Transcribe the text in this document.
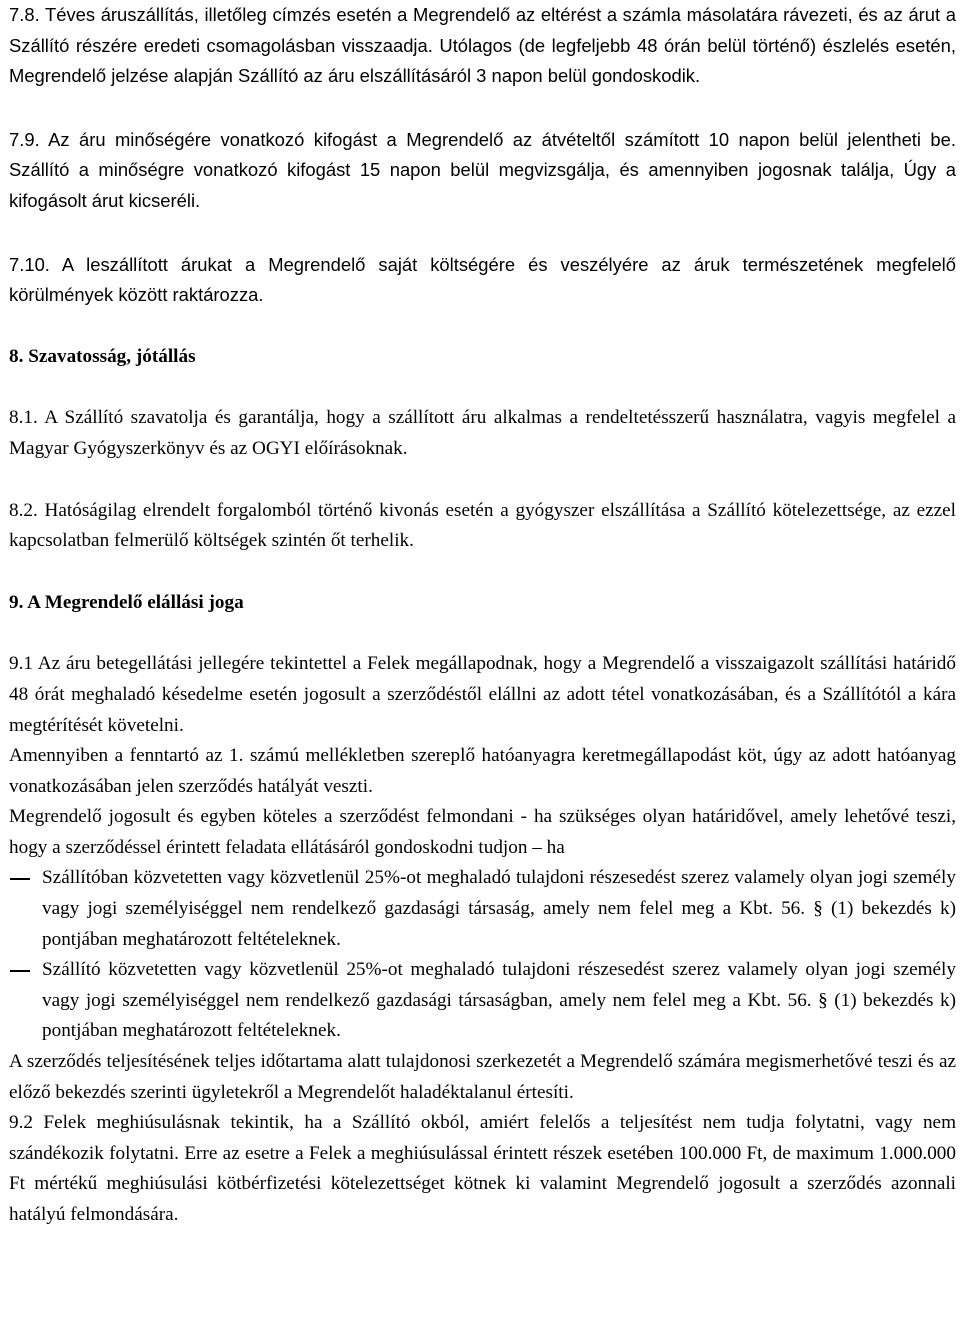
7.8. Téves áruszállítás, illetőleg címzés esetén a Megrendelő az eltérést a számla másolatára rávezeti, és az árut a Szállító részére eredeti csomagolásban visszaadja. Utólagos (de legfeljebb 48 órán belül történő) észlelés esetén, Megrendelő jelzése alapján Szállító az áru elszállításáról 3 napon belül gondoskodik.

7.9. Az áru minőségére vonatkozó kifogást a Megrendelő az átvételtől számított 10 napon belül jelentheti be. Szállító a minőségre vonatkozó kifogást 15 napon belül megvizsgálja, és amennyiben jogosnak találja, Úgy a kifogásolt árut kicseréli.

7.10. A leszállított árukat a Megrendelő saját költségére és veszélyére az áruk természetének megfelelő körülmények között raktározza.

8. Szavatosság, jótállás

8.1. A Szállító szavatolja és garantálja, hogy a szállított áru alkalmas a rendeltetésszerű használatra, vagyis megfelel a Magyar Gyógyszerkönyv és az OGYI előírásoknak.

8.2. Hatóságilag elrendelt forgalomból történő kivonás esetén a gyógyszer elszállítása a Szállító kötelezettsége, az ezzel kapcsolatban felmerülő költségek szintén őt terhelik.

9. A Megrendelő elállási joga

9.1 Az áru betegellátási jellegére tekintettel a Felek megállapodnak, hogy a Megrendelő a visszaigazolt szállítási határidő 48 órát meghaladó késedelme esetén jogosult a szerződéstől elállni az adott tétel vonatkozásában, és a Szállítótól a kára megtérítését követelni.

Amennyiben a fenntartó az 1. számú mellékletben szereplő hatóanyagra keretmegállapodást köt, úgy az adott hatóanyag vonatkozásában jelen szerződés hatályát veszti.

Megrendelő jogosult és egyben köteles a szerződést felmondani - ha szükséges olyan határidővel, amely lehetővé teszi, hogy a szerződéssel érintett feladata ellátásáról gondoskodni tudjon – ha

Szállítóban közvetetten vagy közvetlenül 25%-ot meghaladó tulajdoni részesedést szerez valamely olyan jogi személy vagy jogi személyiséggel nem rendelkező gazdasági társaság, amely nem felel meg a Kbt. 56. § (1) bekezdés k) pontjában meghatározott feltételeknek.
Szállító közvetetten vagy közvetlenül 25%-ot meghaladó tulajdoni részesedést szerez valamely olyan jogi személy vagy jogi személyiséggel nem rendelkező gazdasági társaságban, amely nem felel meg a Kbt. 56. § (1) bekezdés k) pontjában meghatározott feltételeknek.

A szerződés teljesítésének teljes időtartama alatt tulajdonosi szerkezetét a Megrendelő számára megismerhetővé teszi és az előző bekezdés szerinti ügyletekről a Megrendelőt haladéktalanul értesíti.

9.2 Felek meghiúsulásnak tekintik, ha a Szállító okból, amiért felelős a teljesítést nem tudja folytatni, vagy nem szándékozik folytatni. Erre az esetre a Felek a meghiúsulással érintett részek esetében 100.000 Ft, de maximum 1.000.000 Ft mértékű meghiúsulási kötbérfizetési kötelezettséget kötnek ki valamint Megrendelő jogosult a szerződés azonnali hatályú felmondására.
